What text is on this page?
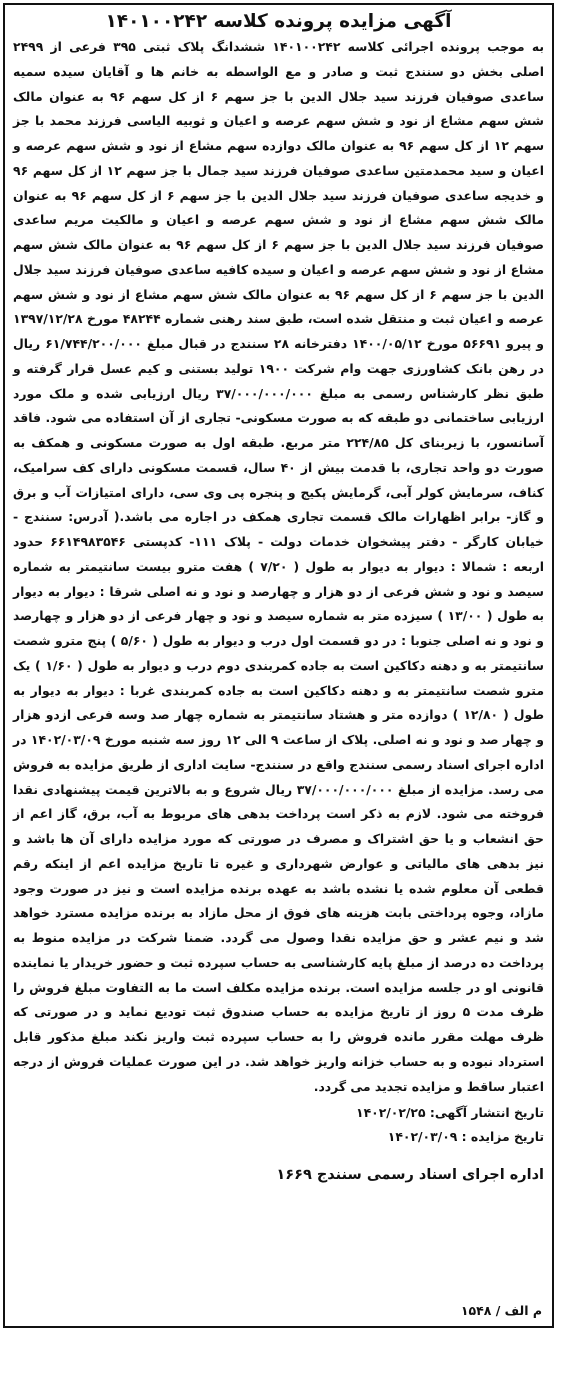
آگهی مزایده پرونده کلاسه ۱۴۰۱۰۰۲۴۲

به موجب پرونده اجرائی کلاسه ۱۴۰۱۰۰۲۴۲ ششدانگ پلاک ثبتی ۳۹۵ فرعی از ۲۴۹۹ اصلی بخش دو سنندج ثبت و صادر و مع الواسطه به خانم ها و آقایان سیده سمیه ساعدی صوفیان فرزند سید جلال الدین با جز سهم ۶ از کل سهم ۹۶ به عنوان مالک شش سهم مشاع از نود و شش سهم عرصه و اعیان و ثوبیه الیاسی فرزند محمد با جز سهم ۱۲ از کل سهم ۹۶ به عنوان مالک دوازده سهم مشاع از نود و شش سهم عرصه و اعیان و سید محمدمتین ساعدی صوفیان فرزند سید جمال با جز سهم ۱۲ از کل سهم ۹۶ و خدیجه ساعدی صوفیان فرزند سید جلال الدین با جز سهم ۶ از کل سهم ۹۶ به عنوان مالک شش سهم مشاع از نود و شش سهم عرصه و اعیان و مالکیت مریم ساعدی صوفیان فرزند سید جلال الدین با جز سهم ۶ از کل سهم ۹۶ به عنوان مالک شش سهم مشاع از نود و شش سهم عرصه و اعیان و سیده کافیه ساعدی صوفیان فرزند سید جلال الدین با جز سهم ۶ از کل سهم ۹۶ به عنوان مالک شش سهم مشاع از نود و شش سهم عرصه و اعیان ثبت و منتقل شده است، طبق سند رهنی شماره ۴۸۲۴۴ مورخ ۱۳۹۷/۱۲/۲۸ و پیرو ۵۶۶۹۱ مورخ ۱۴۰۰/۰۵/۱۲ دفترخانه ۲۸ سنندج در قبال مبلغ ۶۱/۷۴۴/۲۰۰/۰۰۰ ریال در رهن بانک کشاورزی جهت وام شرکت ۱۹۰۰ تولید بستنی و کیم عسل قرار گرفته و طبق نظر کارشناس رسمی به مبلغ ۳۷/۰۰۰/۰۰۰/۰۰۰ ریال ارزیابی شده و ملک مورد ارزیابی ساختمانی دو طبقه که به صورت مسکونی- تجاری از آن استفاده می شود. فاقد آسانسور، با زیربنای کل ۲۲۴/۸۵ متر مربع. طبقه اول به صورت مسکونی و همکف به صورت دو واحد تجاری، با قدمت بیش از ۴۰ سال، قسمت مسکونی دارای کف سرامیک، کناف، سرمایش کولر آبی، گرمایش پکیج و پنجره پی وی سی، دارای امتیازات آب و برق و گاز- برابر اظهارات مالک قسمت تجاری همکف در اجاره می باشد.( آدرس: سنندج - خیابان کارگر - دفتر پیشخوان خدمات دولت - پلاک ۱۱۱- کدپستی ۶۶۱۴۹۸۳۵۴۶ حدود اربعه : شمالا : دیوار به دیوار به طول ( ۷/۲۰ ) هفت مترو بیست سانتیمتر به شماره سیصد و نود و شش فرعی از دو هزار و چهارصد و نود و نه اصلی شرقا : دیوار به دیوار به طول ( ۱۳/۰۰ ) سیزده متر به شماره سیصد و نود و چهار فرعی از دو هزار و چهارصد و نود و نه اصلی جنوبا : در دو قسمت اول درب و دیوار به طول ( ۵/۶۰ ) پنج مترو شصت سانتیمتر به و دهنه دکاکین است به جاده کمربندی دوم درب و دیوار به طول ( ۱/۶۰ ) یک مترو شصت سانتیمتر به و دهنه دکاکین است به جاده کمربندی غربا : دیوار به دیوار به طول ( ۱۲/۸۰ ) دوازده متر و هشتاد سانتیمتر به شماره چهار صد وسه فرعی ازدو هزار و چهار صد و نود و نه اصلی. پلاک از ساعت ۹ الی ۱۲ روز سه شنبه مورخ ۱۴۰۲/۰۳/۰۹ در اداره اجرای اسناد رسمی سنندج واقع در سنندج- سایت اداری از طریق مزایده به فروش می رسد. مزایده از مبلغ ۳۷/۰۰۰/۰۰۰/۰۰۰ ریال شروع و به بالاترین قیمت پیشنهادی نقدا فروخته می شود. لازم به ذکر است پرداخت بدهی های مربوط به آب، برق، گاز اعم از حق انشعاب و یا حق اشتراک و مصرف در صورتی که مورد مزایده دارای آن ها باشد و نیز بدهی های مالیاتی و عوارض شهرداری و غیره تا تاریخ مزایده اعم از اینکه رقم قطعی آن معلوم شده یا نشده باشد به عهده برنده مزایده است و نیز در صورت وجود مازاد، وجوه پرداختی بابت هزینه های فوق از محل مازاد به برنده مزایده مسترد خواهد شد و نیم عشر و حق مزایده نقدا وصول می گردد. ضمنا شرکت در مزایده منوط به پرداخت ده درصد از مبلغ پایه کارشناسی به حساب سپرده ثبت و حضور خریدار یا نماینده قانونی او در جلسه مزایده است. برنده مزایده مکلف است ما به التفاوت مبلغ فروش را ظرف مدت ۵ روز از تاریخ مزایده به حساب صندوق ثبت تودیع نماید و در صورتی که ظرف مهلت مقرر مانده فروش را به حساب سپرده ثبت واریز نکند مبلغ مذکور قابل استرداد نبوده و به حساب خزانه واریز خواهد شد. در این صورت عملیات فروش از درجه اعتبار ساقط و مزایده تجدید می گردد.

تاریخ انتشار آگهی: ۱۴۰۲/۰۲/۲۵
تاریخ مزایده : ۱۴۰۲/۰۳/۰۹
اداره اجرای اسناد رسمی سنندج ۱۶۶۹
م الف / ۱۵۴۸
